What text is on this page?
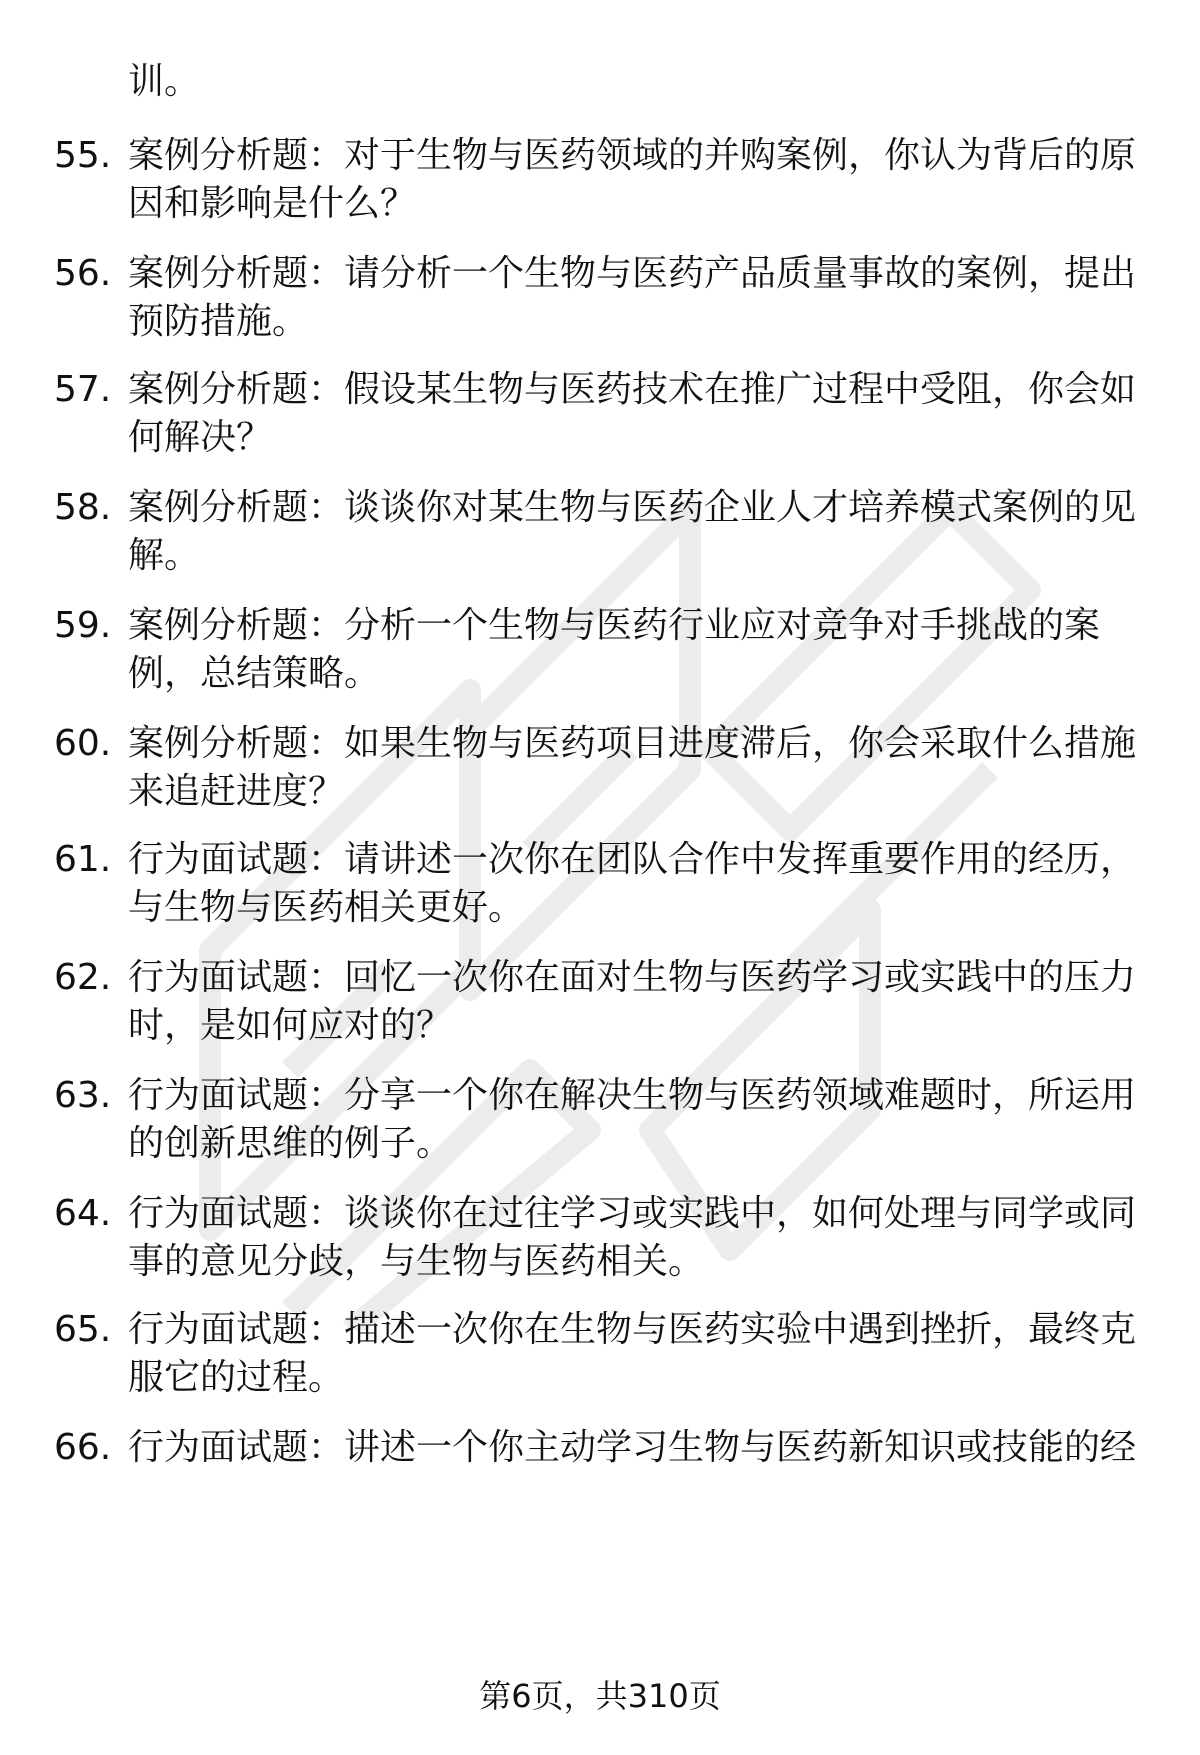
训。
55. 案例分析题：对于生物与医药领域的并购案例，你认为背后的原因和影响是什么？
56. 案例分析题：请分析一个生物与医药产品质量事故的案例，提出预防措施。
57. 案例分析题：假设某生物与医药技术在推广过程中受阻，你会如何解决？
58. 案例分析题：谈谈你对某生物与医药企业人才培养模式案例的见解。
59. 案例分析题：分析一个生物与医药行业应对竞争对手挑战的案例，总结策略。
60. 案例分析题：如果生物与医药项目进度滞后，你会采取什么措施来追赶进度？
61. 行为面试题：请讲述一次你在团队合作中发挥重要作用的经历，与生物与医药相关更好。
62. 行为面试题：回忆一次你在面对生物与医药学习或实践中的压力时，是如何应对的？
63. 行为面试题：分享一个你在解决生物与医药领域难题时，所运用的创新思维的例子。
64. 行为面试题：谈谈你在过往学习或实践中，如何处理与同学或同事的意见分歧，与生物与医药相关。
65. 行为面试题：描述一次你在生物与医药实验中遇到挫折，最终克服它的过程。
66. 行为面试题：讲述一个你主动学习生物与医药新知识或技能的经
第6页，共310页
